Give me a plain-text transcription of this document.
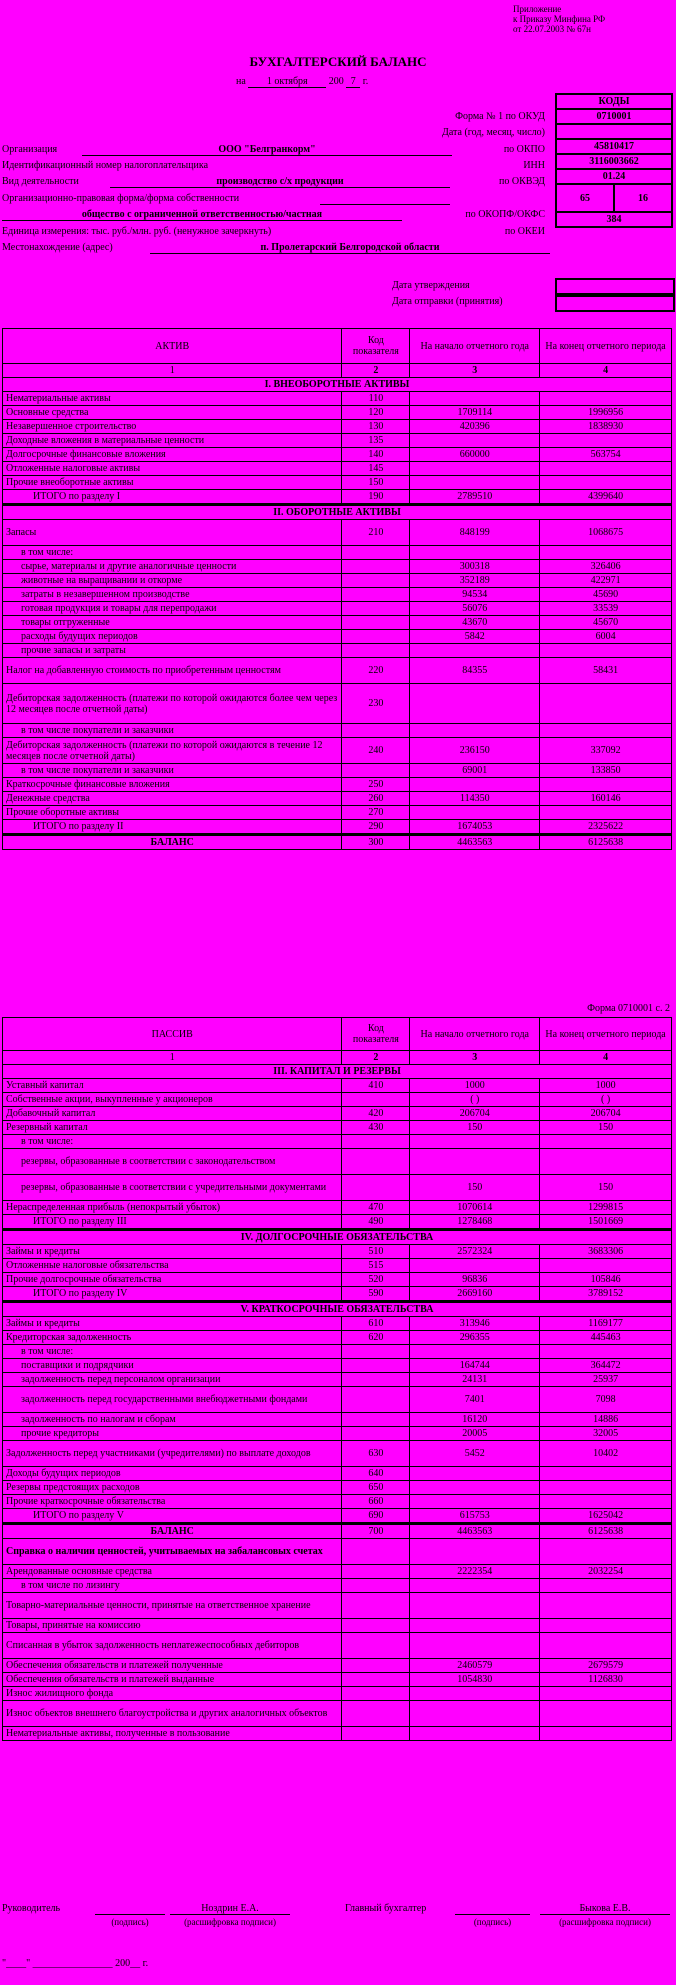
Приложение
к Приказу Минфина РФ
от 22.07.2003 № 67н
БУХГАЛТЕРСКИЙ БАЛАНС
на 1 октября 200 7 г.
КОДЫ
0710001

45810417
3116003662
01.24
65	16
384
Форма № 1 по ОКУД
Дата (год, месяц, число)
Организация	ООО "Белгранкорм"	по ОКПО
Идентификационный номер налогоплательщика	ИНН
Вид деятельности	производство с/х продукции	по ОКВЭД
Организационно-правовая форма/форма собственности
общество с ограниченной ответственностью/частная	по ОКОПФ/ОКФС
Единица измерения: тыс. руб./млн. руб. (ненужное зачеркнуть)	по ОКЕИ
Местонахождение (адрес)	п. Пролетарский Белгородской области
Дата утверждения
Дата отправки (принятия)
АКТИВ	Код показателя	На начало отчетного года	На конец отчетного периода
1	2	3	4
I. ВНЕОБОРОТНЫЕ АКТИВЫ			
Нематериальные активы	110		
Основные средства	120	1709114	1996956
Незавершенное строительство	130	420396	1838930
Доходные вложения в материальные ценности	135		
Долгосрочные финансовые вложения	140	660000	563754
Отложенные налоговые активы	145		
Прочие внеоборотные активы	150		
ИТОГО по разделу I	190	2789510	4399640
II. ОБОРОТНЫЕ АКТИВЫ			
Запасы	210	848199	1068675
в том числе:			
сырье, материалы и другие аналогичные ценности		300318	326406
животные на выращивании и откорме		352189	422971
затраты в незавершенном производстве		94534	45690
готовая продукция и товары для перепродажи		56076	33539
товары отгруженные		43670	45670
расходы будущих периодов		5842	6004
прочие запасы и затраты			
Налог на добавленную стоимость по приобретенным ценностям	220	84355	58431
Дебиторская задолженность (платежи по которой ожидаются более чем через 12 месяцев после отчетной даты)	230		
в том числе покупатели и заказчики			
Дебиторская задолженность (платежи по которой ожидаются в течение 12 месяцев после отчетной даты)	240	236150	337092
в том числе покупатели и заказчики		69001	133850
Краткосрочные финансовые вложения	250		
Денежные средства	260	114350	160146
Прочие оборотные активы	270		
ИТОГО по разделу II	290	1674053	2325622
БАЛАНС	300	4463563	6125638
Форма 0710001 с. 2
ПАССИВ	Код показателя	На начало отчетного года	На конец отчетного периода
1	2	3	4
III. КАПИТАЛ И РЕЗЕРВЫ			
Уставный капитал	410	1000	1000
Собственные акции, выкупленные у акционеров		( )	( )
Добавочный капитал	420	206704	206704
Резервный капитал	430	150	150
в том числе:			
резервы, образованные в соответствии с законодательством			
резервы, образованные в соответствии с учредительными документами		150	150
Нераспределенная прибыль (непокрытый убыток)	470	1070614	1299815
ИТОГО по разделу III	490	1278468	1501669
IV. ДОЛГОСРОЧНЫЕ ОБЯЗАТЕЛЬСТВА			
Займы и кредиты	510	2572324	3683306
Отложенные налоговые обязательства	515		
Прочие долгосрочные обязательства	520	96836	105846
ИТОГО по разделу IV	590	2669160	3789152
V. КРАТКОСРОЧНЫЕ ОБЯЗАТЕЛЬСТВА			
Займы и кредиты	610	313946	1169177
Кредиторская задолженность	620	296355	445463
в том числе:			
поставщики и подрядчики		164744	364472
задолженность перед персоналом организации		24131	25937
задолженность перед государственными внебюджетными фондами		7401	7098
задолженность по налогам и сборам		16120	14886
прочие кредиторы		20005	32005
Задолженность перед участниками (учредителями) по выплате доходов	630	5452	10402
Доходы будущих периодов	640		
Резервы предстоящих расходов	650		
Прочие краткосрочные обязательства	660		
ИТОГО по разделу V	690	615753	1625042
БАЛАНС	700	4463563	6125638
Справка о наличии ценностей, учитываемых на забалансовых счетах			
Арендованные основные средства		2222354	2032254
в том числе по лизингу			
Товарно-материальные ценности, принятые на ответственное хранение			
Товары, принятые на комиссию			
Списанная в убыток задолженность неплатежеспособных дебиторов			
Обеспечения обязательств и платежей полученные		2460579	2679579
Обеспечения обязательств и платежей выданные		1054830	1126830
Износ жилищного фонда			
Износ объектов внешнего благоустройства и других аналогичных объектов			
Нематериальные активы, полученные в пользование			
Руководитель	Ноздрин Е.А.
(подпись)	(расшифровка подписи)
Главный бухгалтер	Быкова Е.В.
(подпись)	(расшифровка подписи)
"____" ________________ 200__ г.
